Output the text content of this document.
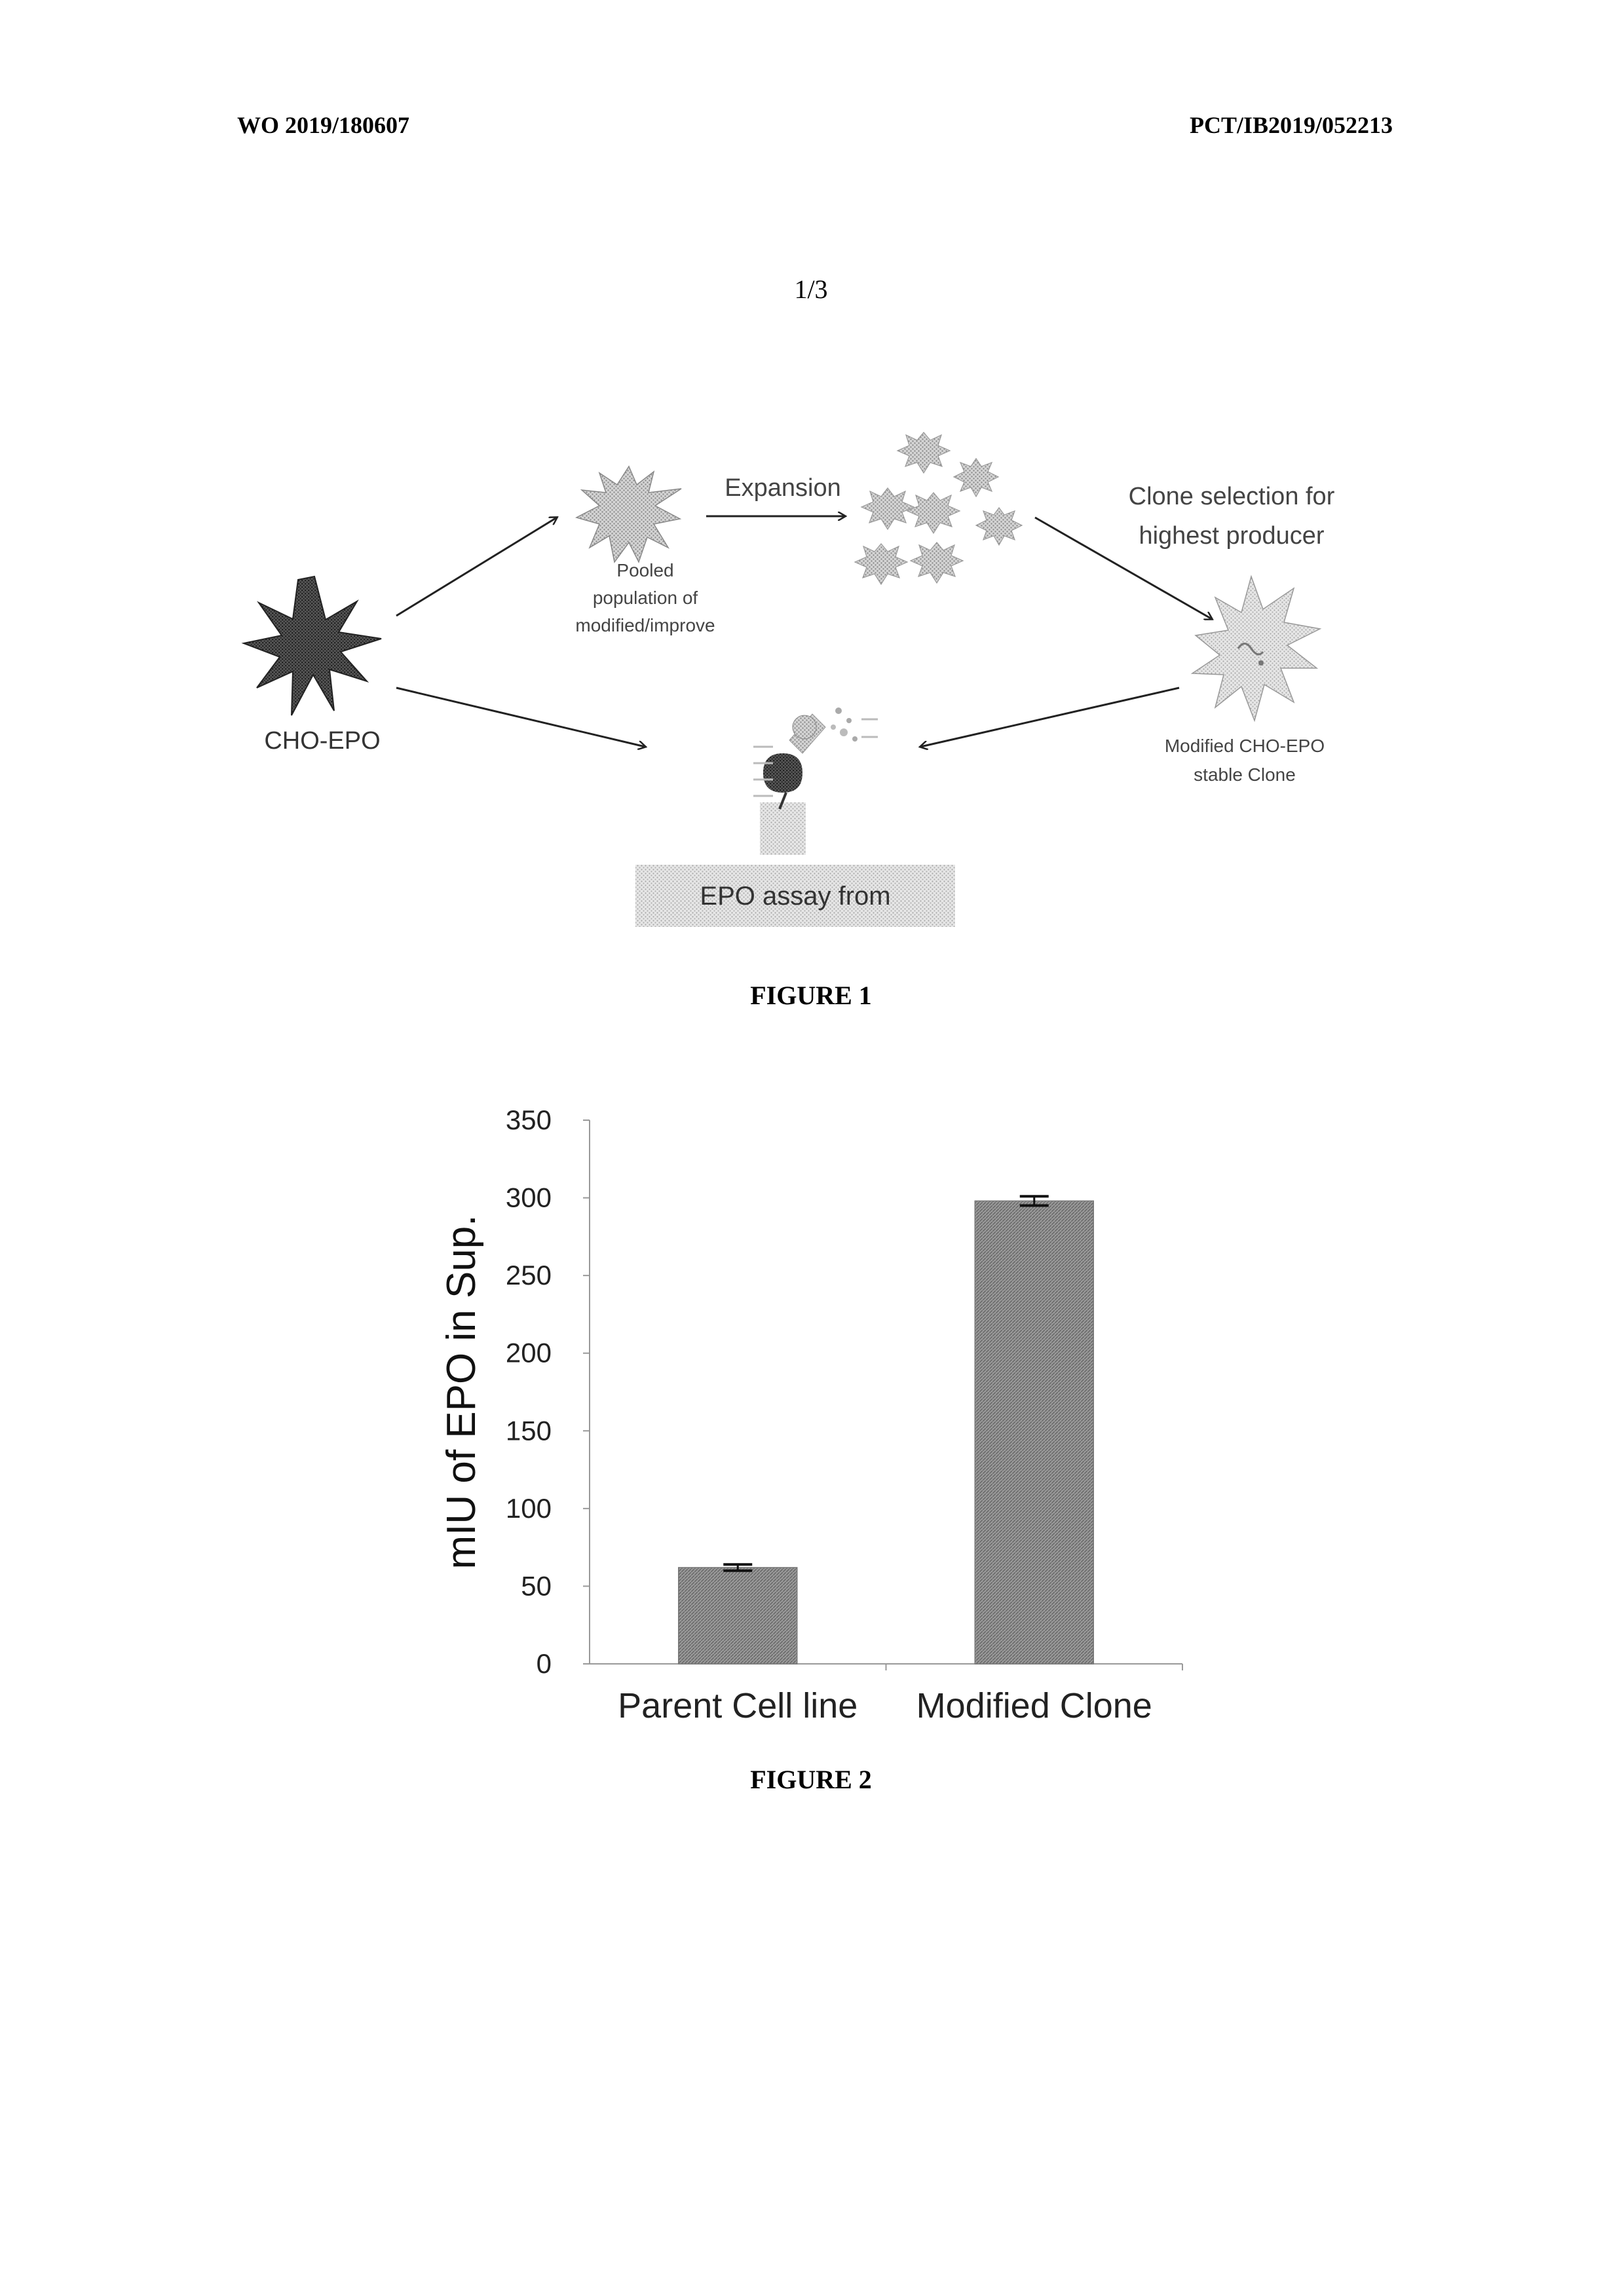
WO 2019/180607	PCT/IB2019/052213
1/3
CHO-EPO
Pooled
population of
modified/improve
Expansion	Clone selection for
highest producer
Modified CHO-EPO
stable Clone
EPO assay from
FIGURE 1
0
50
100
150
200
250
300
350
mIU of EPO in Sup.
Parent Cell line Modified Clone
FIGURE 2
